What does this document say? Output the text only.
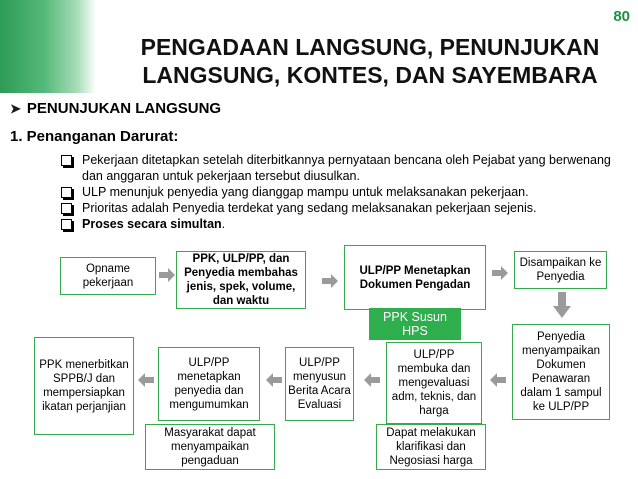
80
PENGADAAN LANGSUNG, PENUNJUKAN
LANGSUNG, KONTES, DAN SAYEMBARA
➤ PENUNJUKAN LANGSUNG
1. Penanganan Darurat:
Pekerjaan ditetapkan setelah diterbitkannya pernyataan bencana oleh Pejabat yang berwenang dan anggaran untuk pekerjaan tersebut diusulkan.
ULP menunjuk penyedia yang dianggap mampu untuk melaksanakan pekerjaan.
Prioritas adalah Penyedia terdekat yang sedang melaksanakan pekerjaan sejenis.
Proses secara simultan.
Opname pekerjaan
PPK, ULP/PP, dan Penyedia membahas jenis, spek, volume, dan waktu
ULP/PP Menetapkan Dokumen Pengadan
Disampaikan ke Penyedia
PPK Susun HPS	Penyedia menyampaikan Dokumen Penawaran dalam 1 sampul ke ULP/PP
ULP/PP membuka dan mengevaluasi adm, teknis, dan harga
Dapat melakukan klarifikasi dan Negosiasi harga
ULP/PP menyusun Berita Acara Evaluasi
ULP/PP menetapkan penyedia dan mengumumkan
Masyarakat dapat menyampaikan pengaduan
PPK menerbitkan SPPB/J dan mempersiapkan ikatan perjanjian
